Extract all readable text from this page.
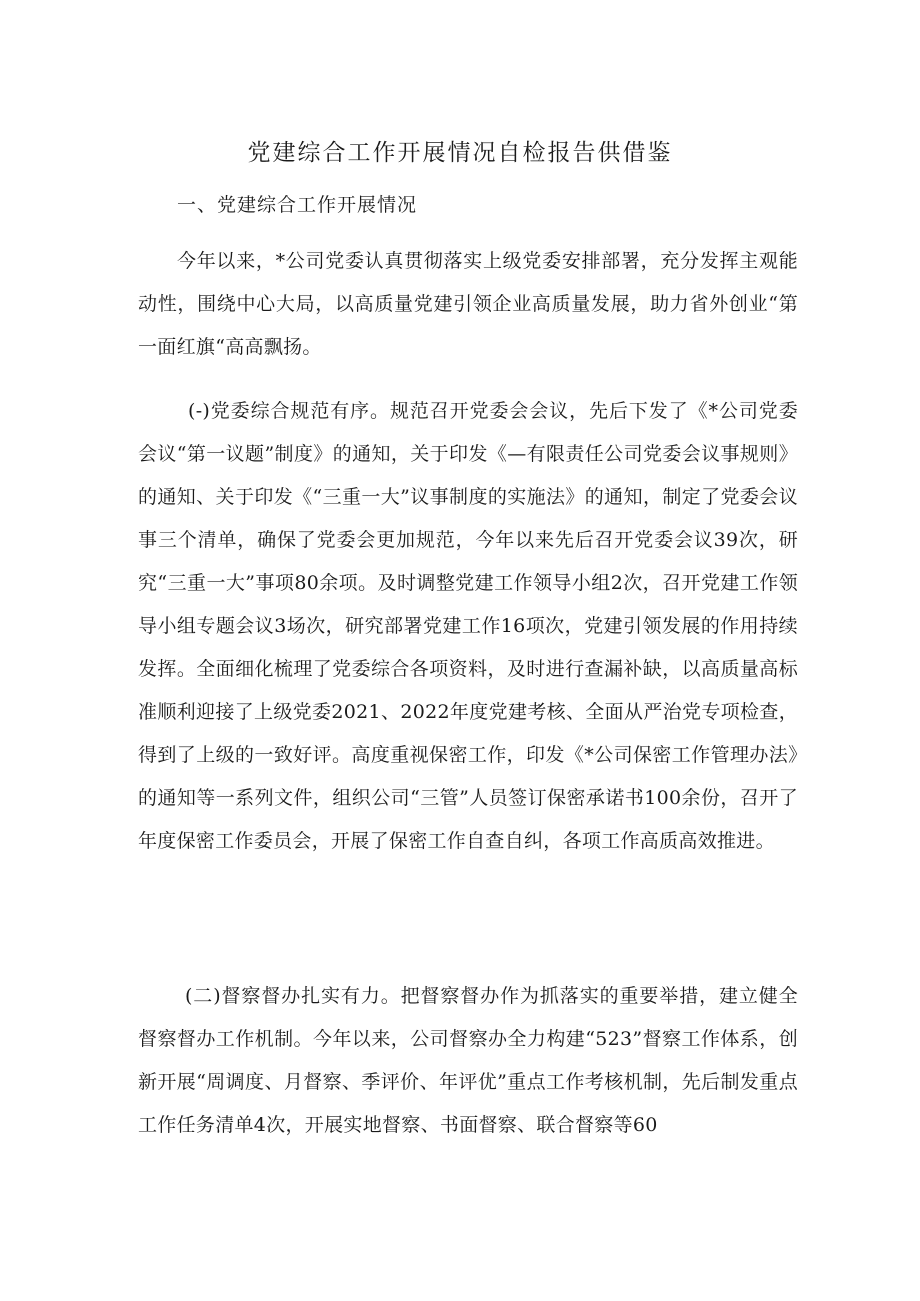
党建综合工作开展情况自检报告供借鉴
一、党建综合工作开展情况

今年以来，*公司党委认真贯彻落实上级党委安排部署，充分发挥主观能动性，围绕中心大局，以高质量党建引领企业高质量发展，助力省外创业“第一面红旗“高高飘扬。

(-)党委综合规范有序。规范召开党委会会议，先后下发了《*公司党委会议“第一议题”制度》的通知，关于印发《—有限责任公司党委会议事规则》的通知、关于印发《“三重一大”议事制度的实施法》的通知，制定了党委会议事三个清单，确保了党委会更加规范，今年以来先后召开党委会议39次，研究“三重一大”事项80余项。及时调整党建工作领导小组2次，召开党建工作领导小组专题会议3场次，研究部署党建工作16项次，党建引领发展的作用持续发挥。全面细化梳理了党委综合各项资料，及时进行查漏补缺，以高质量高标准顺利迎接了上级党委2021、2022年度党建考核、全面从严治党专项检查，得到了上级的一致好评。高度重视保密工作，印发《*公司保密工作管理办法》的通知等一系列文件，组织公司“三管”人员签订保密承诺书100余份，召开了年度保密工作委员会，开展了保密工作自查自纠，各项工作高质高效推进。

(二)督察督办扎实有力。把督察督办作为抓落实的重要举措，建立健全督察督办工作机制。今年以来，公司督察办全力构建“523”督察工作体系，创新开展“周调度、月督察、季评价、年评优”重点工作考核机制，先后制发重点工作任务清单4次，开展实地督察、书面督察、联合督察等60
